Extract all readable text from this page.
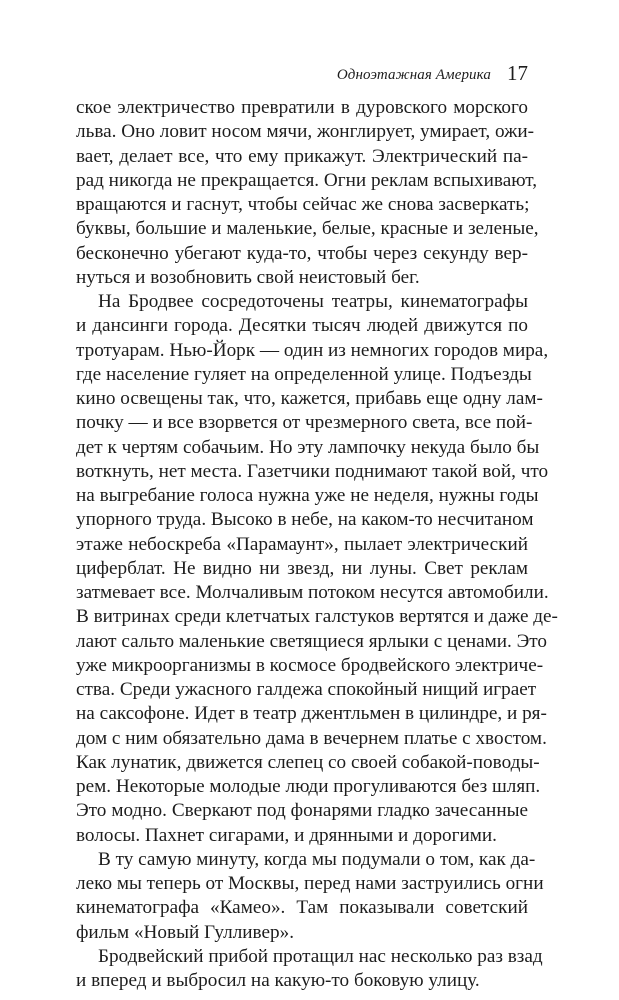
Одноэтажная Америка 17
ское электричество превратили в дуровского морского
льва. Оно ловит носом мячи, жонглирует, умирает, ожи-
вает, делает все, что ему прикажут. Электрический па-
рад никогда не прекращается. Огни реклам вспыхивают,
вращаются и гаснут, чтобы сейчас же снова засверкать;
буквы, большие и маленькие, белые, красные и зеленые,
бесконечно убегают куда-то, чтобы через секунду вер-
нуться и возобновить свой неистовый бег.
На Бродвее сосредоточены театры, кинематографы
и дансинги города. Десятки тысяч людей движутся по
тротуарам. Нью-Йорк — один из немногих городов мира,
где население гуляет на определенной улице. Подъезды
кино освещены так, что, кажется, прибавь еще одну лам-
почку — и все взорвется от чрезмерного света, все пой-
дет к чертям собачьим. Но эту лампочку некуда было бы
воткнуть, нет места. Газетчики поднимают такой вой, что
на выгребание голоса нужна уже не неделя, нужны годы
упорного труда. Высоко в небе, на каком-то несчитаном
этаже небоскреба «Парамаунт», пылает электрический
циферблат. Не видно ни звезд, ни луны. Свет реклам
затмевает все. Молчаливым потоком несутся автомобили.
В витринах среди клетчатых галстуков вертятся и даже де-
лают сальто маленькие светящиеся ярлыки с ценами. Это
уже микроорганизмы в космосе бродвейского электриче-
ства. Среди ужасного галдежа спокойный нищий играет
на саксофоне. Идет в театр джентльмен в цилиндре, и ря-
дом с ним обязательно дама в вечернем платье с хвостом.
Как лунатик, движется слепец со своей собакой-поводы-
рем. Некоторые молодые люди прогуливаются без шляп.
Это модно. Сверкают под фонарями гладко зачесанные
волосы. Пахнет сигарами, и дрянными и дорогими.
В ту самую минуту, когда мы подумали о том, как да-
леко мы теперь от Москвы, перед нами заструились огни
кинематографа «Камео». Там показывали советский
фильм «Новый Гулливер».
Бродвейский прибой протащил нас несколько раз взад
и вперед и выбросил на какую-то боковую улицу.
